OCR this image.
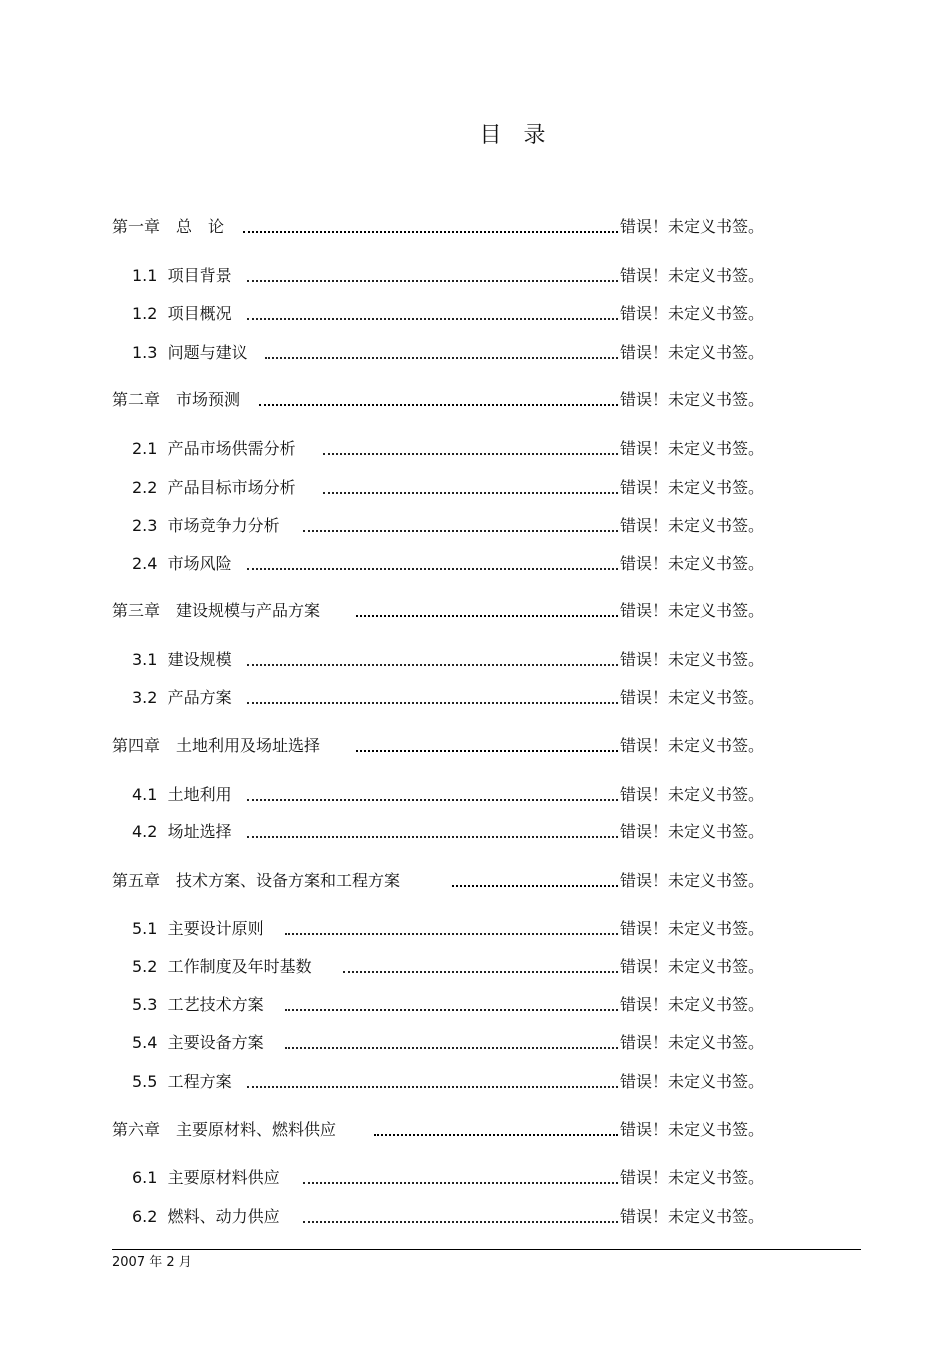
目　录
第一章　总　论	错误！未定义书签。
1.1  项目背景	错误！未定义书签。
1.2  项目概况	错误！未定义书签。
1.3  问题与建议	错误！未定义书签。
第二章　市场预测	错误！未定义书签。
2.1  产品市场供需分析	错误！未定义书签。
2.2  产品目标市场分析	错误！未定义书签。
2.3  市场竞争力分析	错误！未定义书签。
2.4  市场风险	错误！未定义书签。
第三章　建设规模与产品方案	错误！未定义书签。
3.1  建设规模	错误！未定义书签。
3.2  产品方案	错误！未定义书签。
第四章　土地利用及场址选择	错误！未定义书签。
4.1  土地利用	错误！未定义书签。
4.2  场址选择	错误！未定义书签。
第五章　技术方案、设备方案和工程方案	错误！未定义书签。
5.1  主要设计原则	错误！未定义书签。
5.2  工作制度及年时基数	错误！未定义书签。
5.3  工艺技术方案	错误！未定义书签。
5.4  主要设备方案	错误！未定义书签。
5.5  工程方案	错误！未定义书签。
第六章　主要原材料、燃料供应	错误！未定义书签。
6.1  主要原材料供应	错误！未定义书签。
6.2  燃料、动力供应	错误！未定义书签。
2007 年 2 月
